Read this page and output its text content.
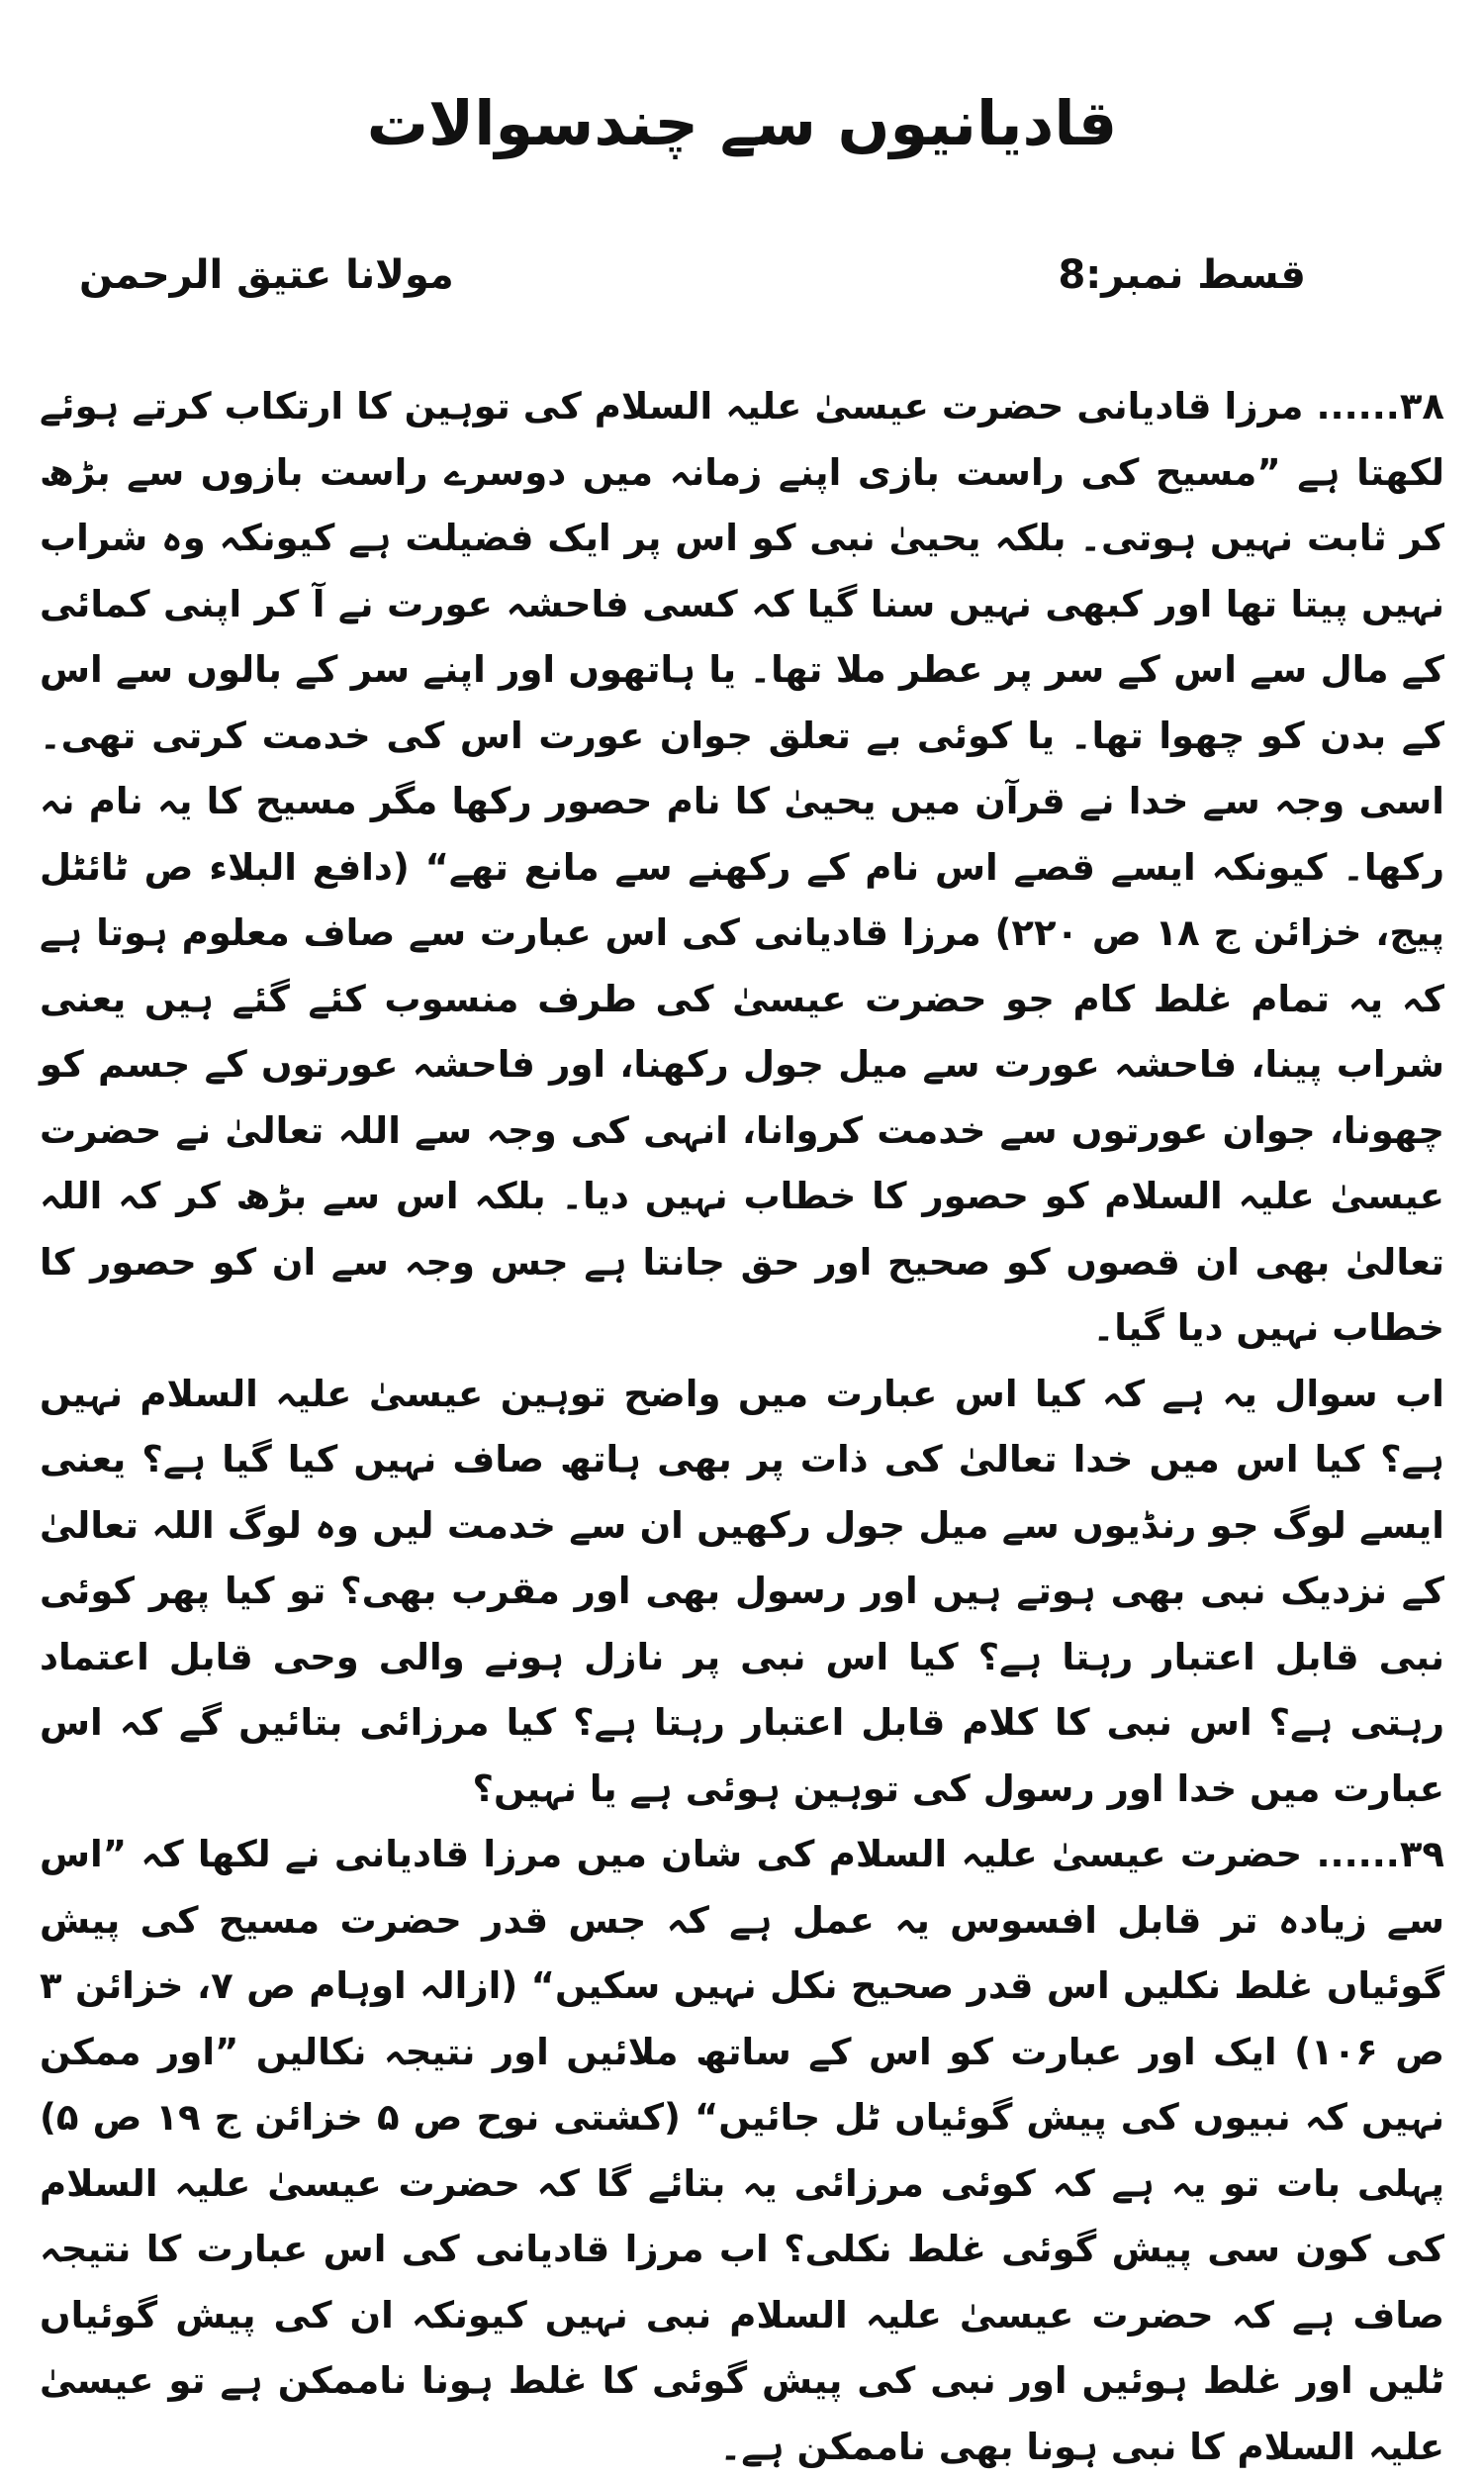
قادیانیوں سے چندسوالات
قسط نمبر:8
مولانا عتیق الرحمن

۳۸...... مرزا قادیانی حضرت عیسیٰ علیہ السلام کی توہین کا ارتکاب کرتے ہوئے لکھتا ہے ”مسیح کی راست بازی اپنے زمانہ میں دوسرے راست بازوں سے بڑھ کر ثابت نہیں ہوتی۔ بلکہ یحییٰ نبی کو اس پر ایک فضیلت ہے کیونکہ وہ شراب نہیں پیتا تھا اور کبھی نہیں سنا گیا کہ کسی فاحشہ عورت نے آ کر اپنی کمائی کے مال سے اس کے سر پر عطر ملا تھا۔ یا ہاتھوں اور اپنے سر کے بالوں سے اس کے بدن کو چھوا تھا۔ یا کوئی بے تعلق جوان عورت اس کی خدمت کرتی تھی۔ اسی وجہ سے خدا نے قرآن میں یحییٰ کا نام حصور رکھا مگر مسیح کا یہ نام نہ رکھا۔ کیونکہ ایسے قصے اس نام کے رکھنے سے مانع تھے“ (دافع البلاء ص ٹائٹل پیج، خزائن ج ۱۸ ص ۲۲۰) مرزا قادیانی کی اس عبارت سے صاف معلوم ہوتا ہے کہ یہ تمام غلط کام جو حضرت عیسیٰ کی طرف منسوب کئے گئے ہیں یعنی شراب پینا، فاحشہ عورت سے میل جول رکھنا، اور فاحشہ عورتوں کے جسم کو چھونا، جوان عورتوں سے خدمت کروانا، انہی کی وجہ سے اللہ تعالیٰ نے حضرت عیسیٰ علیہ السلام کو حصور کا خطاب نہیں دیا۔ بلکہ اس سے بڑھ کر کہ اللہ تعالیٰ بھی ان قصوں کو صحیح اور حق جانتا ہے جس وجہ سے ان کو حصور کا خطاب نہیں دیا گیا۔

اب سوال یہ ہے کہ کیا اس عبارت میں واضح توہین عیسیٰ علیہ السلام نہیں ہے؟ کیا اس میں خدا تعالیٰ کی ذات پر بھی ہاتھ صاف نہیں کیا گیا ہے؟ یعنی ایسے لوگ جو رنڈیوں سے میل جول رکھیں ان سے خدمت لیں وہ لوگ اللہ تعالیٰ کے نزدیک نبی بھی ہوتے ہیں اور رسول بھی اور مقرب بھی؟ تو کیا پھر کوئی نبی قابل اعتبار رہتا ہے؟ کیا اس نبی پر نازل ہونے والی وحی قابل اعتماد رہتی ہے؟ اس نبی کا کلام قابل اعتبار رہتا ہے؟ کیا مرزائی بتائیں گے کہ اس عبارت میں خدا اور رسول کی توہین ہوئی ہے یا نہیں؟

۳۹...... حضرت عیسیٰ علیہ السلام کی شان میں مرزا قادیانی نے لکھا کہ ”اس سے زیادہ تر قابل افسوس یہ عمل ہے کہ جس قدر حضرت مسیح کی پیش گوئیاں غلط نکلیں اس قدر صحیح نکل نہیں سکیں“ (ازالہ اوہام ص ۷، خزائن ۳ ص ۱۰۶) ایک اور عبارت کو اس کے ساتھ ملائیں اور نتیجہ نکالیں ”اور ممکن نہیں کہ نبیوں کی پیش گوئیاں ٹل جائیں“ (کشتی نوح ص ۵ خزائن ج ۱۹ ص ۵) پہلی بات تو یہ ہے کہ کوئی مرزائی یہ بتائے گا کہ حضرت عیسیٰ علیہ السلام کی کون سی پیش گوئی غلط نکلی؟ اب مرزا قادیانی کی اس عبارت کا نتیجہ صاف ہے کہ حضرت عیسیٰ علیہ السلام نبی نہیں کیونکہ ان کی پیش گوئیاں ٹلیں اور غلط ہوئیں اور نبی کی پیش گوئی کا غلط ہونا ناممکن ہے تو عیسیٰ علیہ السلام کا نبی ہونا بھی ناممکن ہے۔
